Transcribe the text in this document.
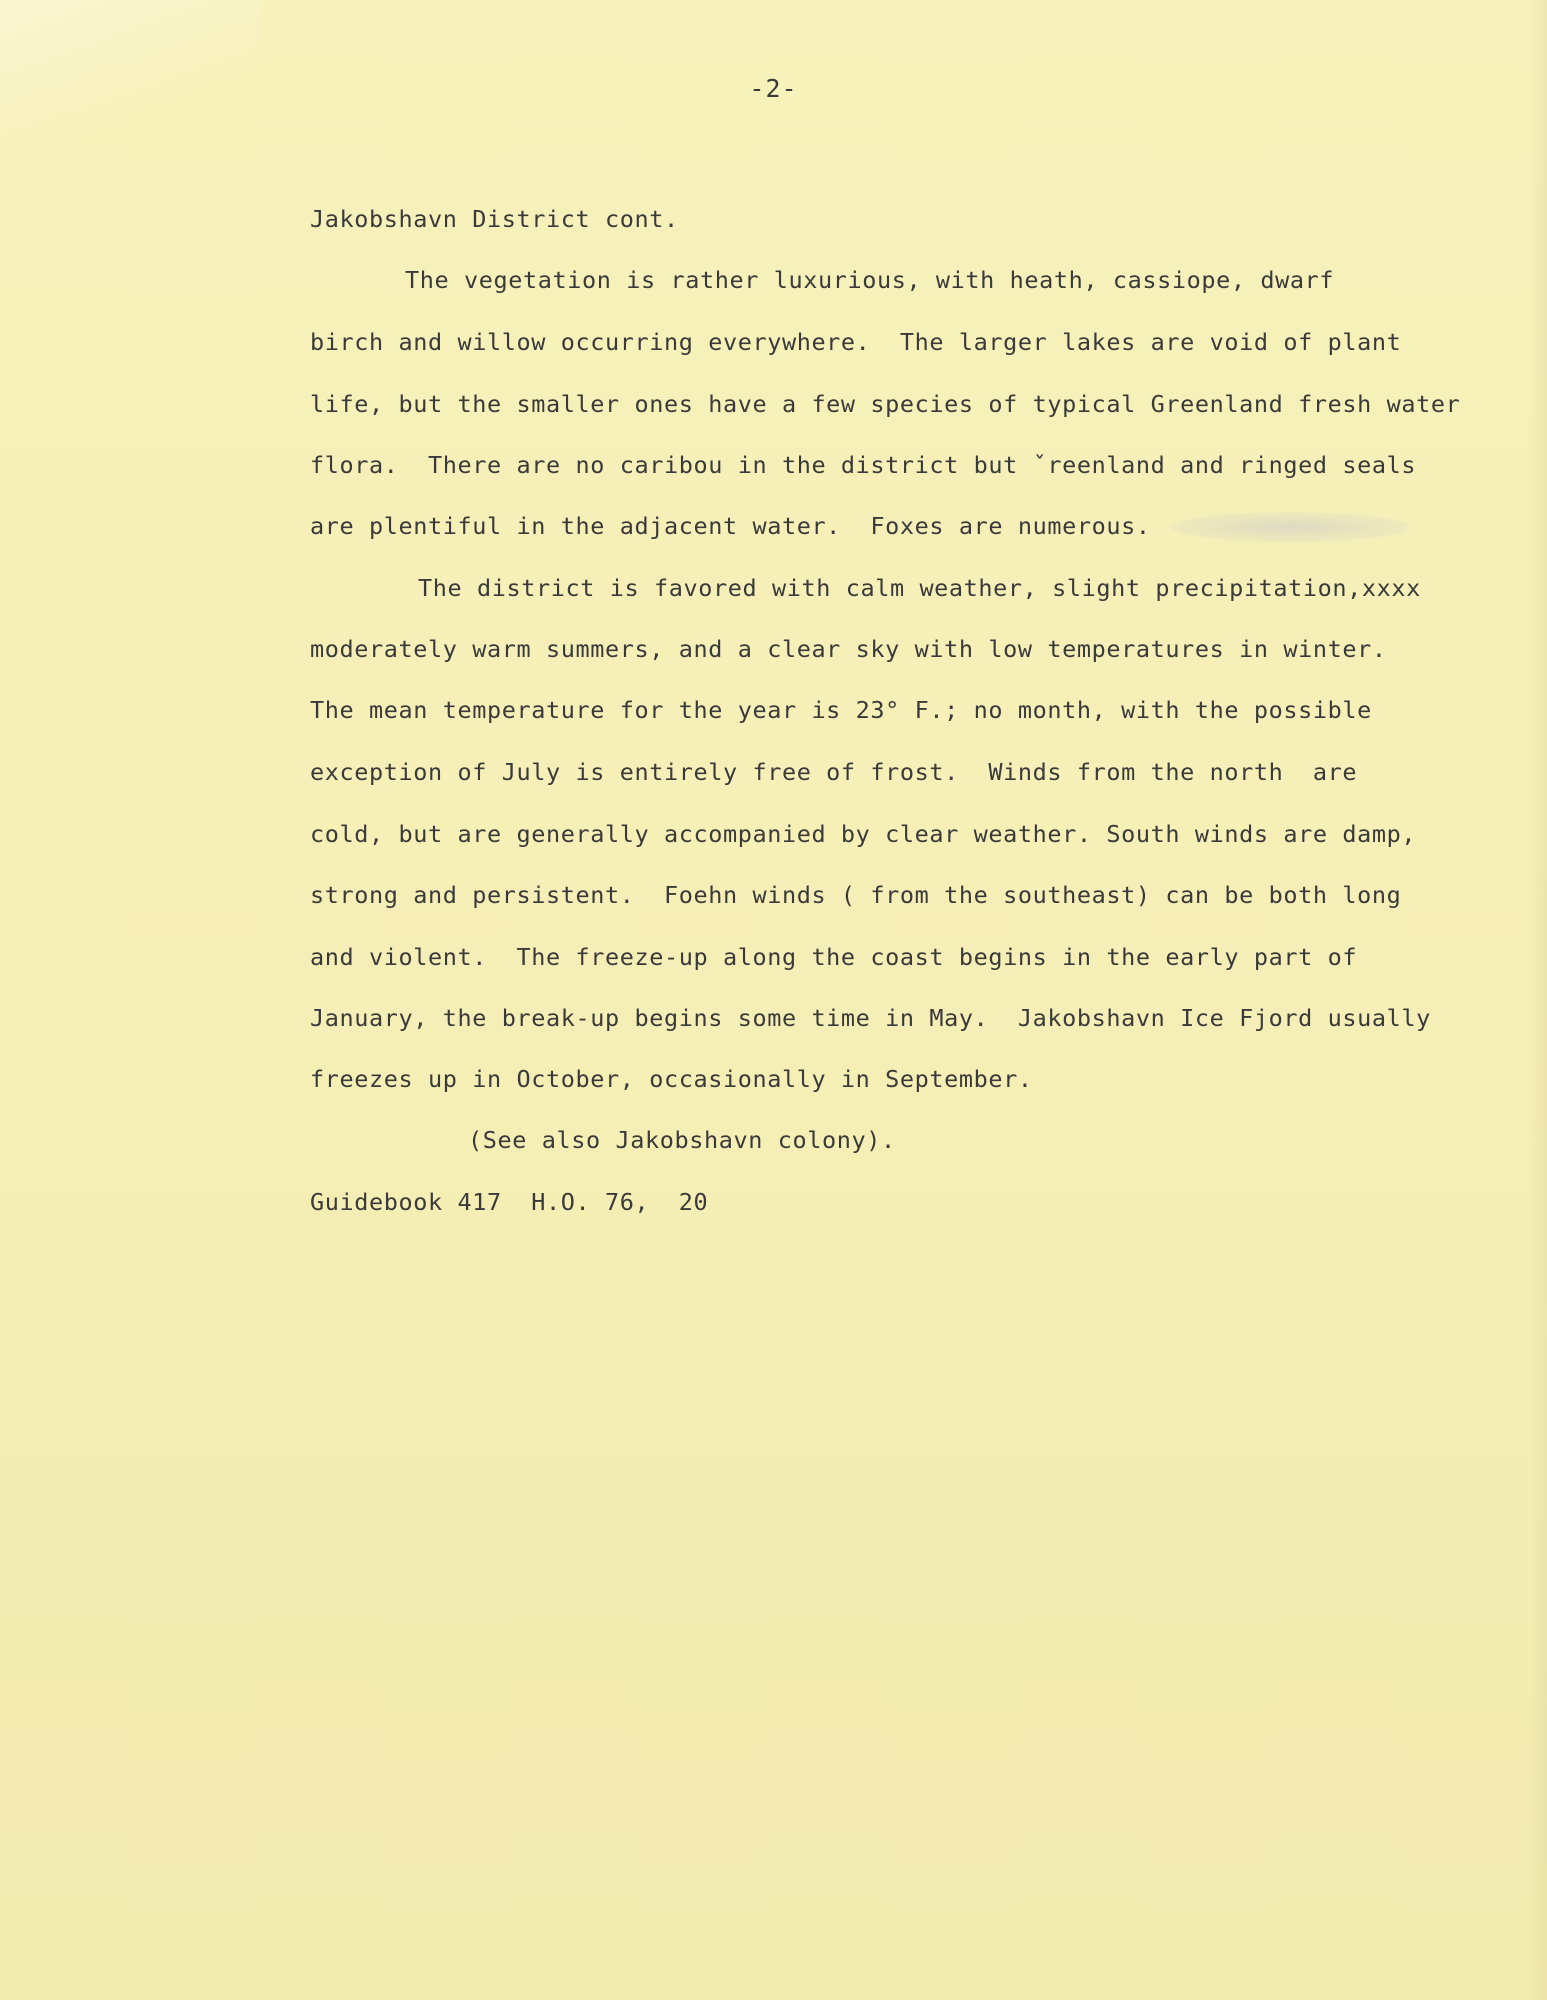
-2-
Jakobshavn District cont.
The vegetation is rather luxurious, with heath, cassiope, dwarf
birch and willow occurring everywhere.  The larger lakes are void of plant
life, but the smaller ones have a few species of typical Greenland fresh water
flora.  There are no caribou in the district but ˇreenland and ringed seals
are plentiful in the adjacent water.  Foxes are numerous.
The district is favored with calm weather, slight precipitation,xxxx
moderately warm summers, and a clear sky with low temperatures in winter.
The mean temperature for the year is 23° F.; no month, with the possible
exception of July is entirely free of frost.  Winds from the north  are
cold, but are generally accompanied by clear weather. South winds are damp,
strong and persistent.  Foehn winds ( from the southeast) can be both long
and violent.  The freeze-up along the coast begins in the early part of
January, the break-up begins some time in May.  Jakobshavn Ice Fjord usually
freezes up in October, occasionally in September.
(See also Jakobshavn colony).
Guidebook 417  H.O. 76,  20
